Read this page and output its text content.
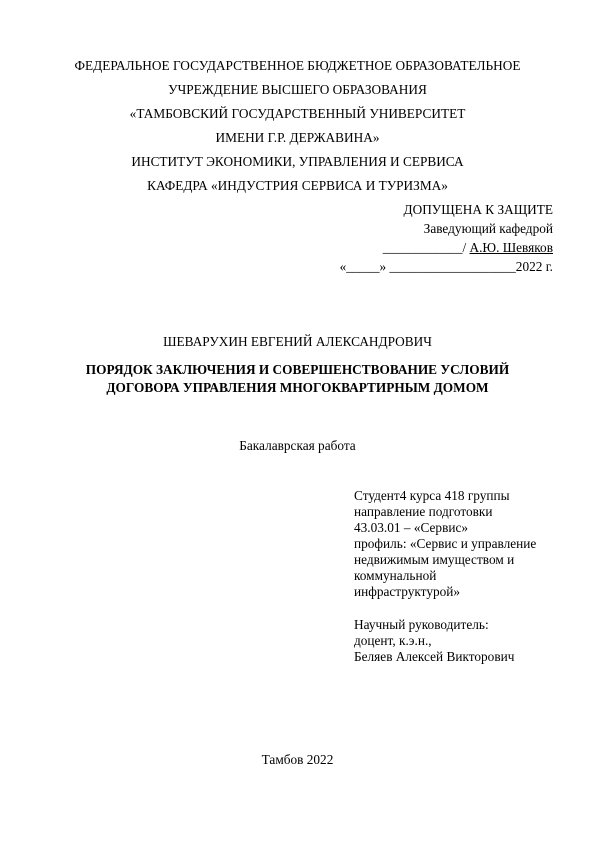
ФЕДЕРАЛЬНОЕ ГОСУДАРСТВЕННОЕ БЮДЖЕТНОЕ ОБРАЗОВАТЕЛЬНОЕ
УЧРЕЖДЕНИЕ ВЫСШЕГО ОБРАЗОВАНИЯ
«ТАМБОВСКИЙ ГОСУДАРСТВЕННЫЙ УНИВЕРСИТЕТ
ИМЕНИ Г.Р. ДЕРЖАВИНА»
ИНСТИТУТ ЭКОНОМИКИ, УПРАВЛЕНИЯ И СЕРВИСА
КАФЕДРА «ИНДУСТРИЯ СЕРВИСА И ТУРИЗМА»
ДОПУЩЕНА К ЗАЩИТЕ
Заведующий кафедрой
____________/ А.Ю. Шевяков
«_____» ___________________2022 г.
ШЕВАРУХИН ЕВГЕНИЙ АЛЕКСАНДРОВИЧ
ПОРЯДОК ЗАКЛЮЧЕНИЯ И СОВЕРШЕНСТВОВАНИЕ УСЛОВИЙ
ДОГОВОРА УПРАВЛЕНИЯ МНОГОКВАРТИРНЫМ ДОМОМ
Бакалаврская работа
Студент4 курса 418 группы
направление подготовки
43.03.01 – «Сервис»
профиль: «Сервис и управление
недвижимым имуществом и
коммунальной
инфраструктурой»
Научный руководитель:
доцент, к.э.н.,
Беляев Алексей Викторович
Тамбов 2022
